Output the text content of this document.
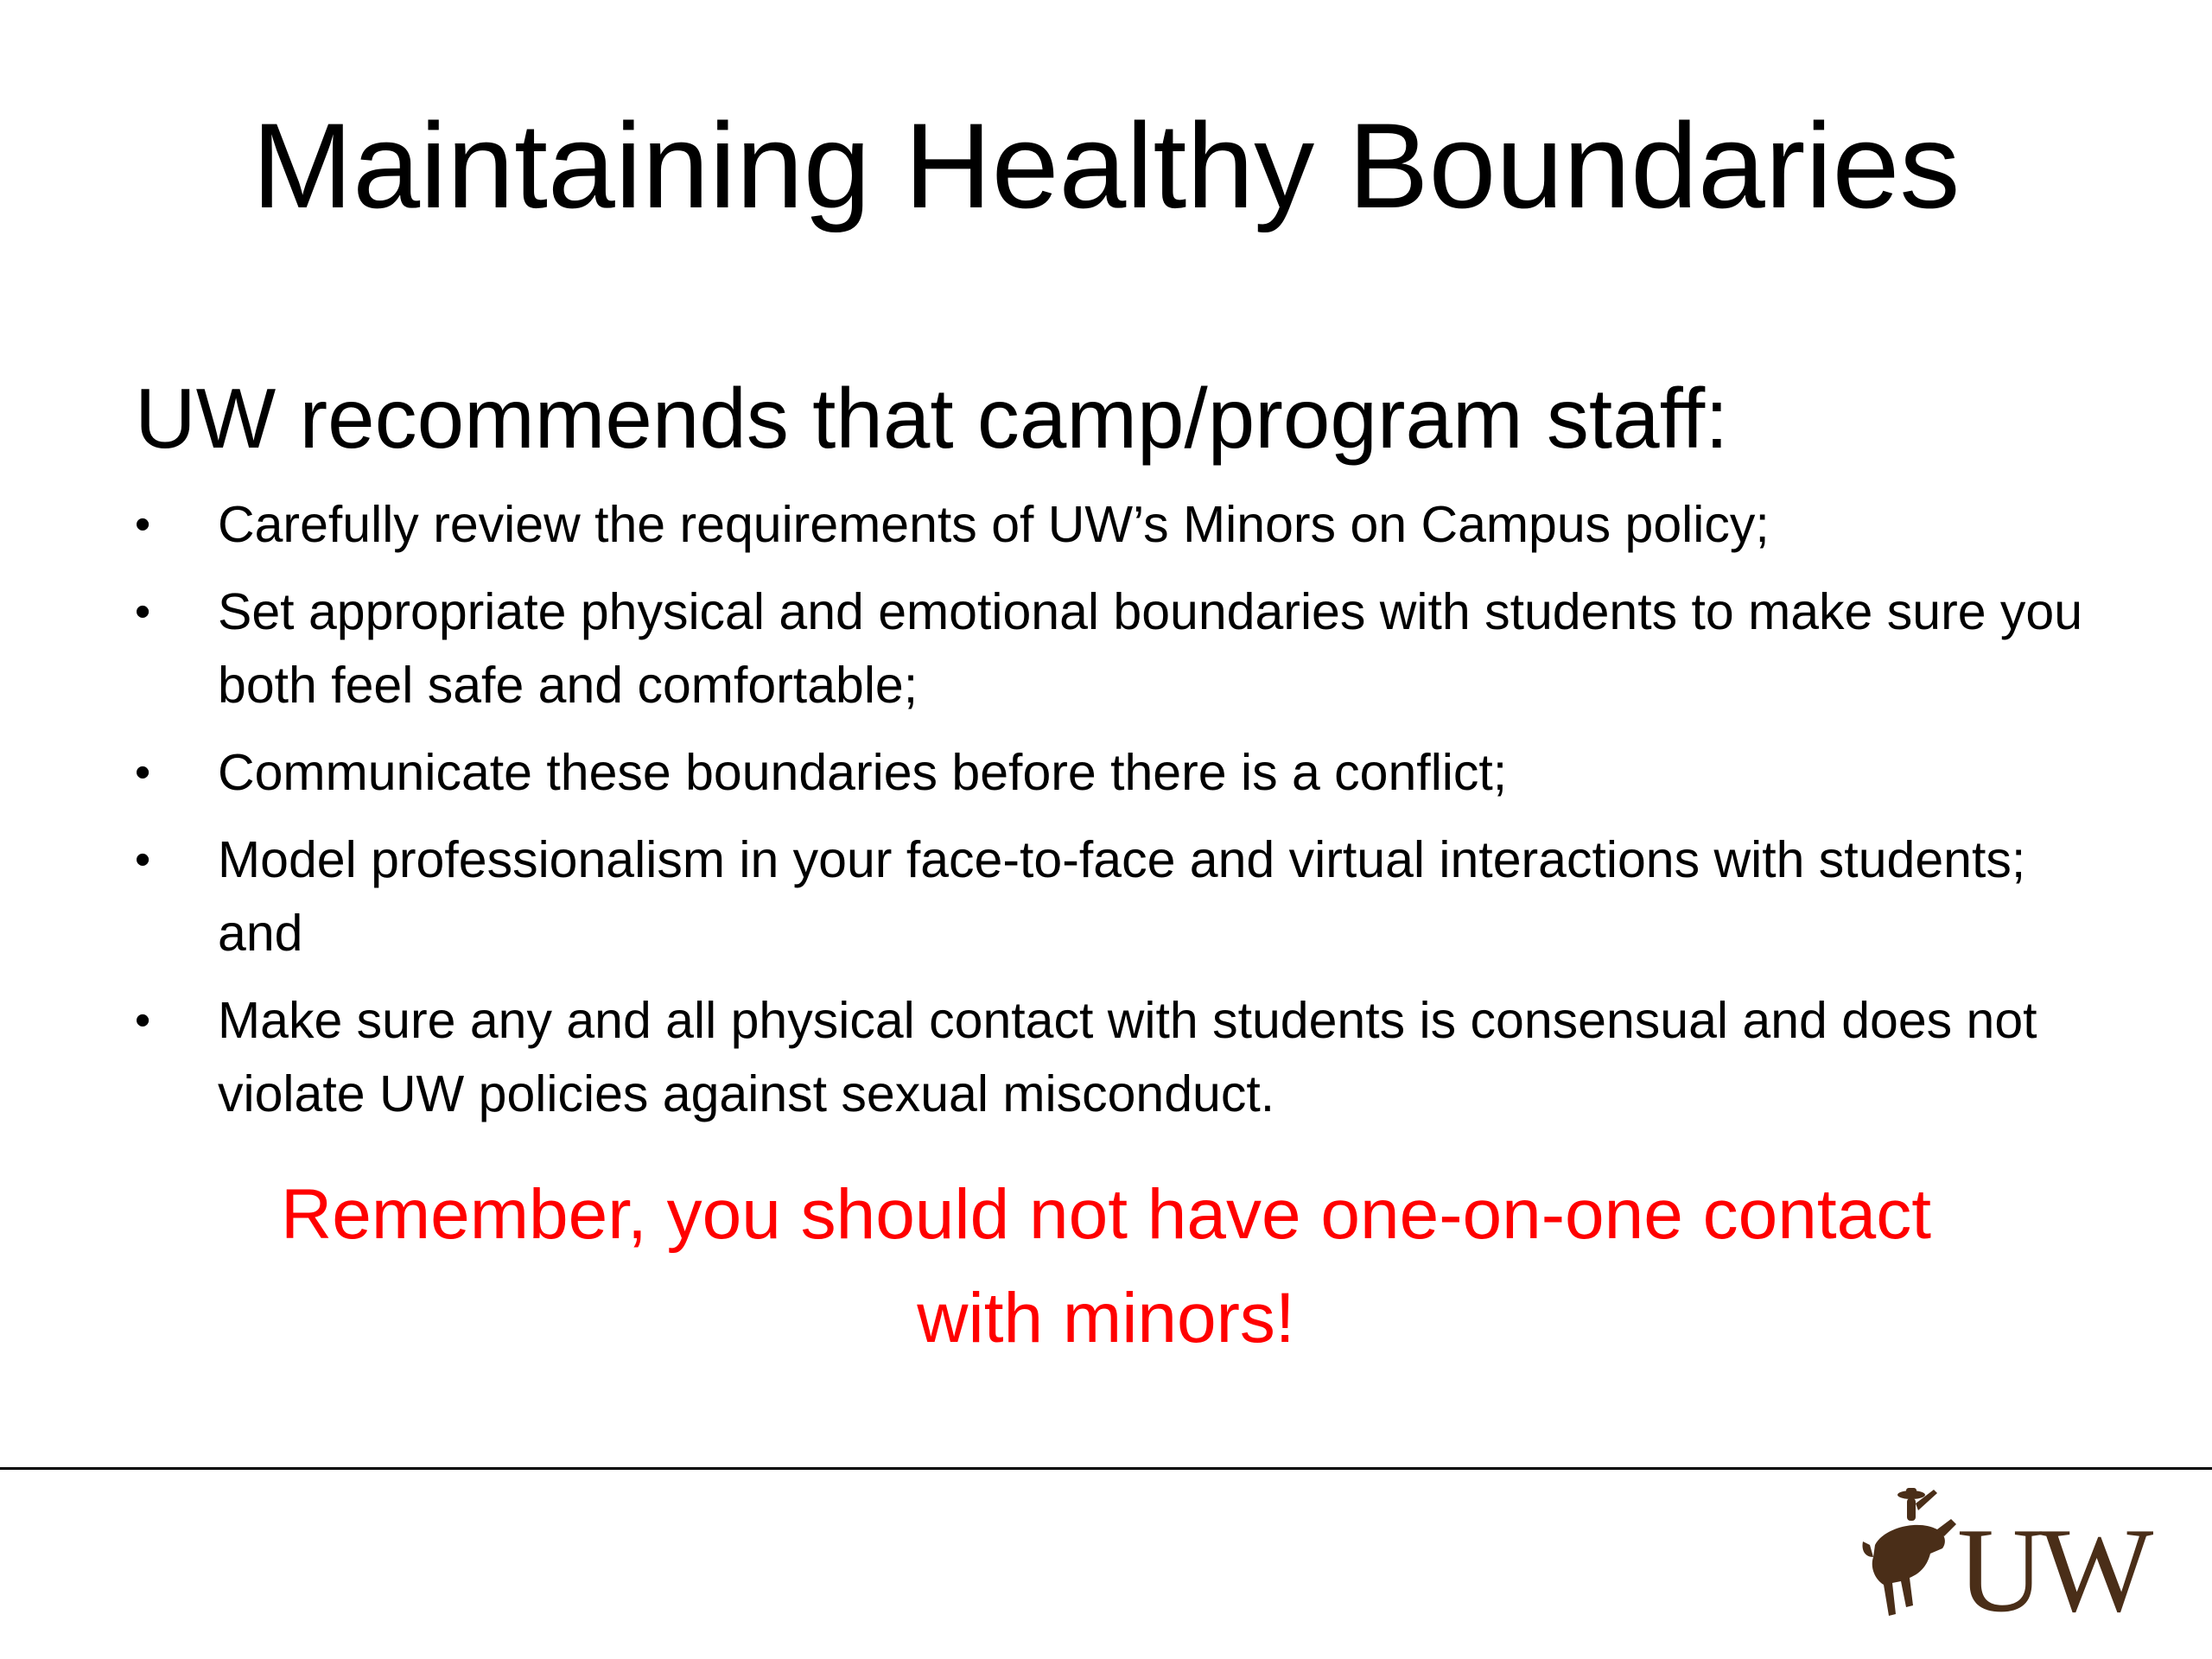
Maintaining Healthy Boundaries
UW recommends that camp/program staff:
•	Carefully review the requirements of UW’s Minors on Campus policy;
•	Set appropriate physical and emotional boundaries with students to make sure you both feel safe and comfortable;
•	Communicate these boundaries before there is a conflict;
•	Model professionalism in your face-to-face and virtual interactions with students; and
•	Make sure any and all physical contact with students is consensual and does not violate UW policies against sexual misconduct.

Remember, you should not have one-on-one contact
with minors!

UW
